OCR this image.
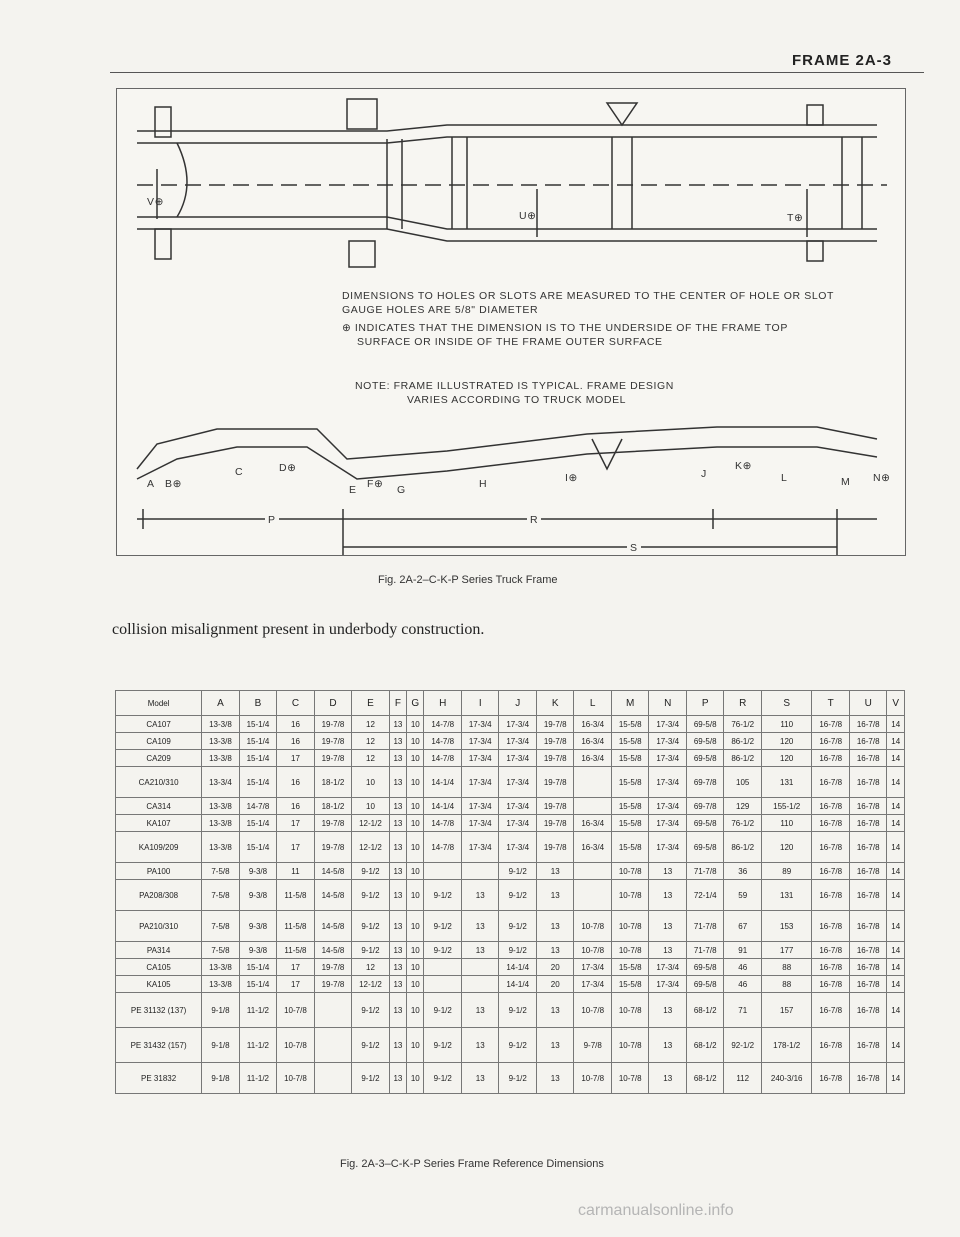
FRAME 2A-3
DIMENSIONS TO HOLES OR SLOTS ARE MEASURED TO THE CENTER OF HOLE OR SLOT
GAUGE HOLES ARE 5/8" DIAMETER
⊕ INDICATES THAT THE DIMENSION IS TO THE UNDERSIDE OF THE FRAME TOP
SURFACE OR INSIDE OF THE FRAME OUTER SURFACE
NOTE: FRAME ILLUSTRATED IS TYPICAL. FRAME DESIGN
VARIES ACCORDING TO TRUCK MODEL
V⊕
U⊕	T⊕
A B⊕
C	D⊕
E F⊕ G	H	I⊕	J
K⊕
L	M N⊕
P	R
S
Fig. 2A-2–C-K-P Series Truck Frame
collision misalignment present in underbody construction.
Model	A	B	C	D	E	F	G	H	I	J	K	L	M	N	P	R	S	T	U	V
CA107	13-3/8	15-1/4	16	19-7/8	12	13	10	14-7/8	17-3/4	17-3/4	19-7/8	16-3/4	15-5/8	17-3/4	69-5/8	76-1/2	110	16-7/8	16-7/8	14
CA109	13-3/8	15-1/4	16	19-7/8	12	13	10	14-7/8	17-3/4	17-3/4	19-7/8	16-3/4	15-5/8	17-3/4	69-5/8	86-1/2	120	16-7/8	16-7/8	14
CA209	13-3/8	15-1/4	17	19-7/8	12	13	10	14-7/8	17-3/4	17-3/4	19-7/8	16-3/4	15-5/8	17-3/4	69-5/8	86-1/2	120	16-7/8	16-7/8	14
CA210/310	13-3/4	15-1/4	16	18-1/2	10	13	10	14-1/4	17-3/4	17-3/4	19-7/8		15-5/8	17-3/4	69-7/8	105	131	16-7/8	16-7/8	14
CA314	13-3/8	14-7/8	16	18-1/2	10	13	10	14-1/4	17-3/4	17-3/4	19-7/8		15-5/8	17-3/4	69-7/8	129	155-1/2	16-7/8	16-7/8	14
KA107	13-3/8	15-1/4	17	19-7/8	12-1/2	13	10	14-7/8	17-3/4	17-3/4	19-7/8	16-3/4	15-5/8	17-3/4	69-5/8	76-1/2	110	16-7/8	16-7/8	14
KA109/209	13-3/8	15-1/4	17	19-7/8	12-1/2	13	10	14-7/8	17-3/4	17-3/4	19-7/8	16-3/4	15-5/8	17-3/4	69-5/8	86-1/2	120	16-7/8	16-7/8	14
PA100	7-5/8	9-3/8	11	14-5/8	9-1/2	13	10			9-1/2	13		10-7/8	13	71-7/8	36	89	16-7/8	16-7/8	14
PA208/308	7-5/8	9-3/8	11-5/8	14-5/8	9-1/2	13	10	9-1/2	13	9-1/2	13		10-7/8	13	72-1/4	59	131	16-7/8	16-7/8	14
PA210/310	7-5/8	9-3/8	11-5/8	14-5/8	9-1/2	13	10	9-1/2	13	9-1/2	13	10-7/8	10-7/8	13	71-7/8	67	153	16-7/8	16-7/8	14
PA314	7-5/8	9-3/8	11-5/8	14-5/8	9-1/2	13	10	9-1/2	13	9-1/2	13	10-7/8	10-7/8	13	71-7/8	91	177	16-7/8	16-7/8	14
CA105	13-3/8	15-1/4	17	19-7/8	12	13	10			14-1/4	20	17-3/4	15-5/8	17-3/4	69-5/8	46	88	16-7/8	16-7/8	14
KA105	13-3/8	15-1/4	17	19-7/8	12-1/2	13	10			14-1/4	20	17-3/4	15-5/8	17-3/4	69-5/8	46	88	16-7/8	16-7/8	14
PE 31132 (137)	9-1/8	11-1/2	10-7/8		9-1/2	13	10	9-1/2	13	9-1/2	13	10-7/8	10-7/8	13	68-1/2	71	157	16-7/8	16-7/8	14
PE 31432 (157)	9-1/8	11-1/2	10-7/8		9-1/2	13	10	9-1/2	13	9-1/2	13	9-7/8	10-7/8	13	68-1/2	92-1/2	178-1/2	16-7/8	16-7/8	14
PE 31832	9-1/8	11-1/2	10-7/8		9-1/2	13	10	9-1/2	13	9-1/2	13	10-7/8	10-7/8	13	68-1/2	112	240-3/16	16-7/8	16-7/8	14
Fig. 2A-3–C-K-P Series Frame Reference Dimensions
carmanualsonline.info
